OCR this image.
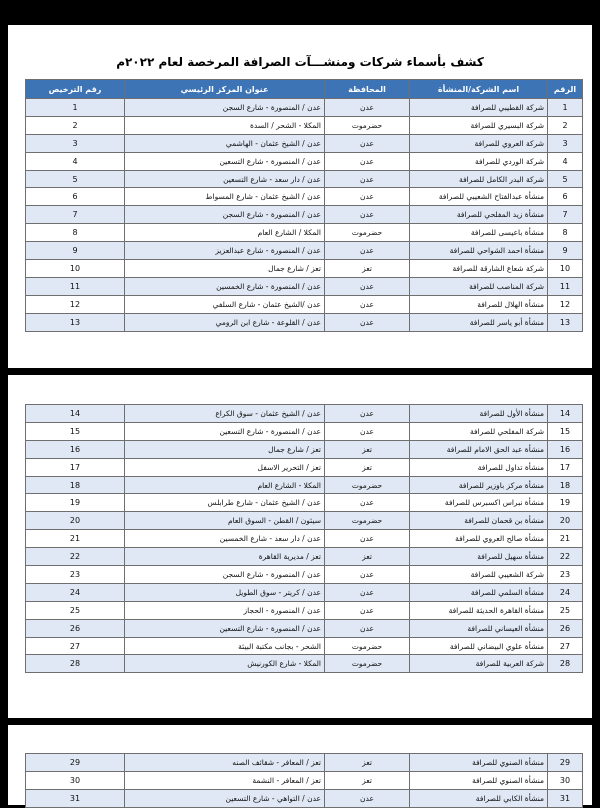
كشف بأسماء شركات ومنشـــآت الصرافة المرخصة لعام ٢٠٢٢م
الرقم	اسم الشركة/المنشأة	المحافظة	عنوان المركز الرئيسي	رقم الترخيص
1	شركة القطيبي للصرافة	عدن	عدن / المنصورة - شارع السجن	1
2	شركة البسيري للصرافة	حضرموت	المكلا - الشحر / السدة	2
3	شركة العروي للصرافة	عدن	عدن / الشيخ عثمان - الهاشمي	3
4	شركة الوردي للصرافة	عدن	عدن / المنصورة - شارع التسعين	4
5	شركة البدر الكامل للصرافة	عدن	عدن / دار سعد - شارع التسعين	5
6	منشأة عبدالفتاح الشعيبي للصرافة	عدن	عدن / الشيخ عثمان - شارع المسواط	6
7	منشأة زيد المفلحي للصرافة	عدن	عدن / المنصورة - شارع السجن	7
8	منشأة باعيسى للصرافة	حضرموت	المكلا / الشارع العام	8
9	منشأة احمد الشواحي للصرافة	عدن	عدن / المنصورة - شارع عبدالعزيز	9
10	شركة شعاع الشارقة للصرافة	تعز	تعز / شارع جمال	10
11	شركة المناصب للصرافة	عدن	عدن / المنصورة - شارع الخمسين	11
12	منشأة الهلال للصرافة	عدن	عدن /الشيخ عثمان - شارع السلفي	12
13	منشأة أبو ياسر للصرافة	عدن	عدن / القلوعة - شارع ابن الرومي	13
14	منشأة الأول للصرافة	عدن	عدن / الشيخ عثمان - سوق الكراع	14
15	شركة المفلحي للصرافة	عدن	عدن / المنصورة - شارع التسعين	15
16	منشأة عبد الحق الامام للصرافة	تعز	تعز / شارع جمال	16
17	منشأة تداول للصرافة	تعز	تعز / التحرير الاسفل	17
18	منشأة مركز باوزير للصرافة	حضرموت	المكلا - الشارع العام	18
19	منشأة نبراس اكسبرس للصرافة	عدن	عدن / الشيخ عثمان - شارع طرابلس	19
20	منشأة بن قحمان للصرافة	حضرموت	سيئون / القطن - السوق العام	20
21	منشأة صالح العروي للصرافة	عدن	عدن / دار سعد - شارع الخمسين	21
22	منشأة سهيل للصرافة	تعز	تعز / مديرية القاهرة	22
23	شركة الشعيبي للصرافة	عدن	عدن / المنصورة - شارع السجن	23
24	منشأة السلمي للصرافة	عدن	عدن / كريتر - سوق الطويل	24
25	منشأة القاهرة الحديثة للصرافة	عدن	عدن / المنصورة - الحجاز	25
26	منشأة العيساني للصرافة	عدن	عدن / المنصورة - شارع التسعين	26
27	منشأة علوي البيضاني للصرافة	حضرموت	الشحر - بجانب مكتبة البيئة	27
28	شركة العربية للصرافة	حضرموت	المكلا - شارع الكورنيش	28
29	منشأة الصنوي للصرافة	تعز	تعز / المعافر - شقائف الصنه	29
30	منشأة الصنوي للصرافة	تعز	تعز / المعافر - النشمة	30
31	منشأة الكابي للصرافة	عدن	عدن / التواهي - شارع التسعين	31
